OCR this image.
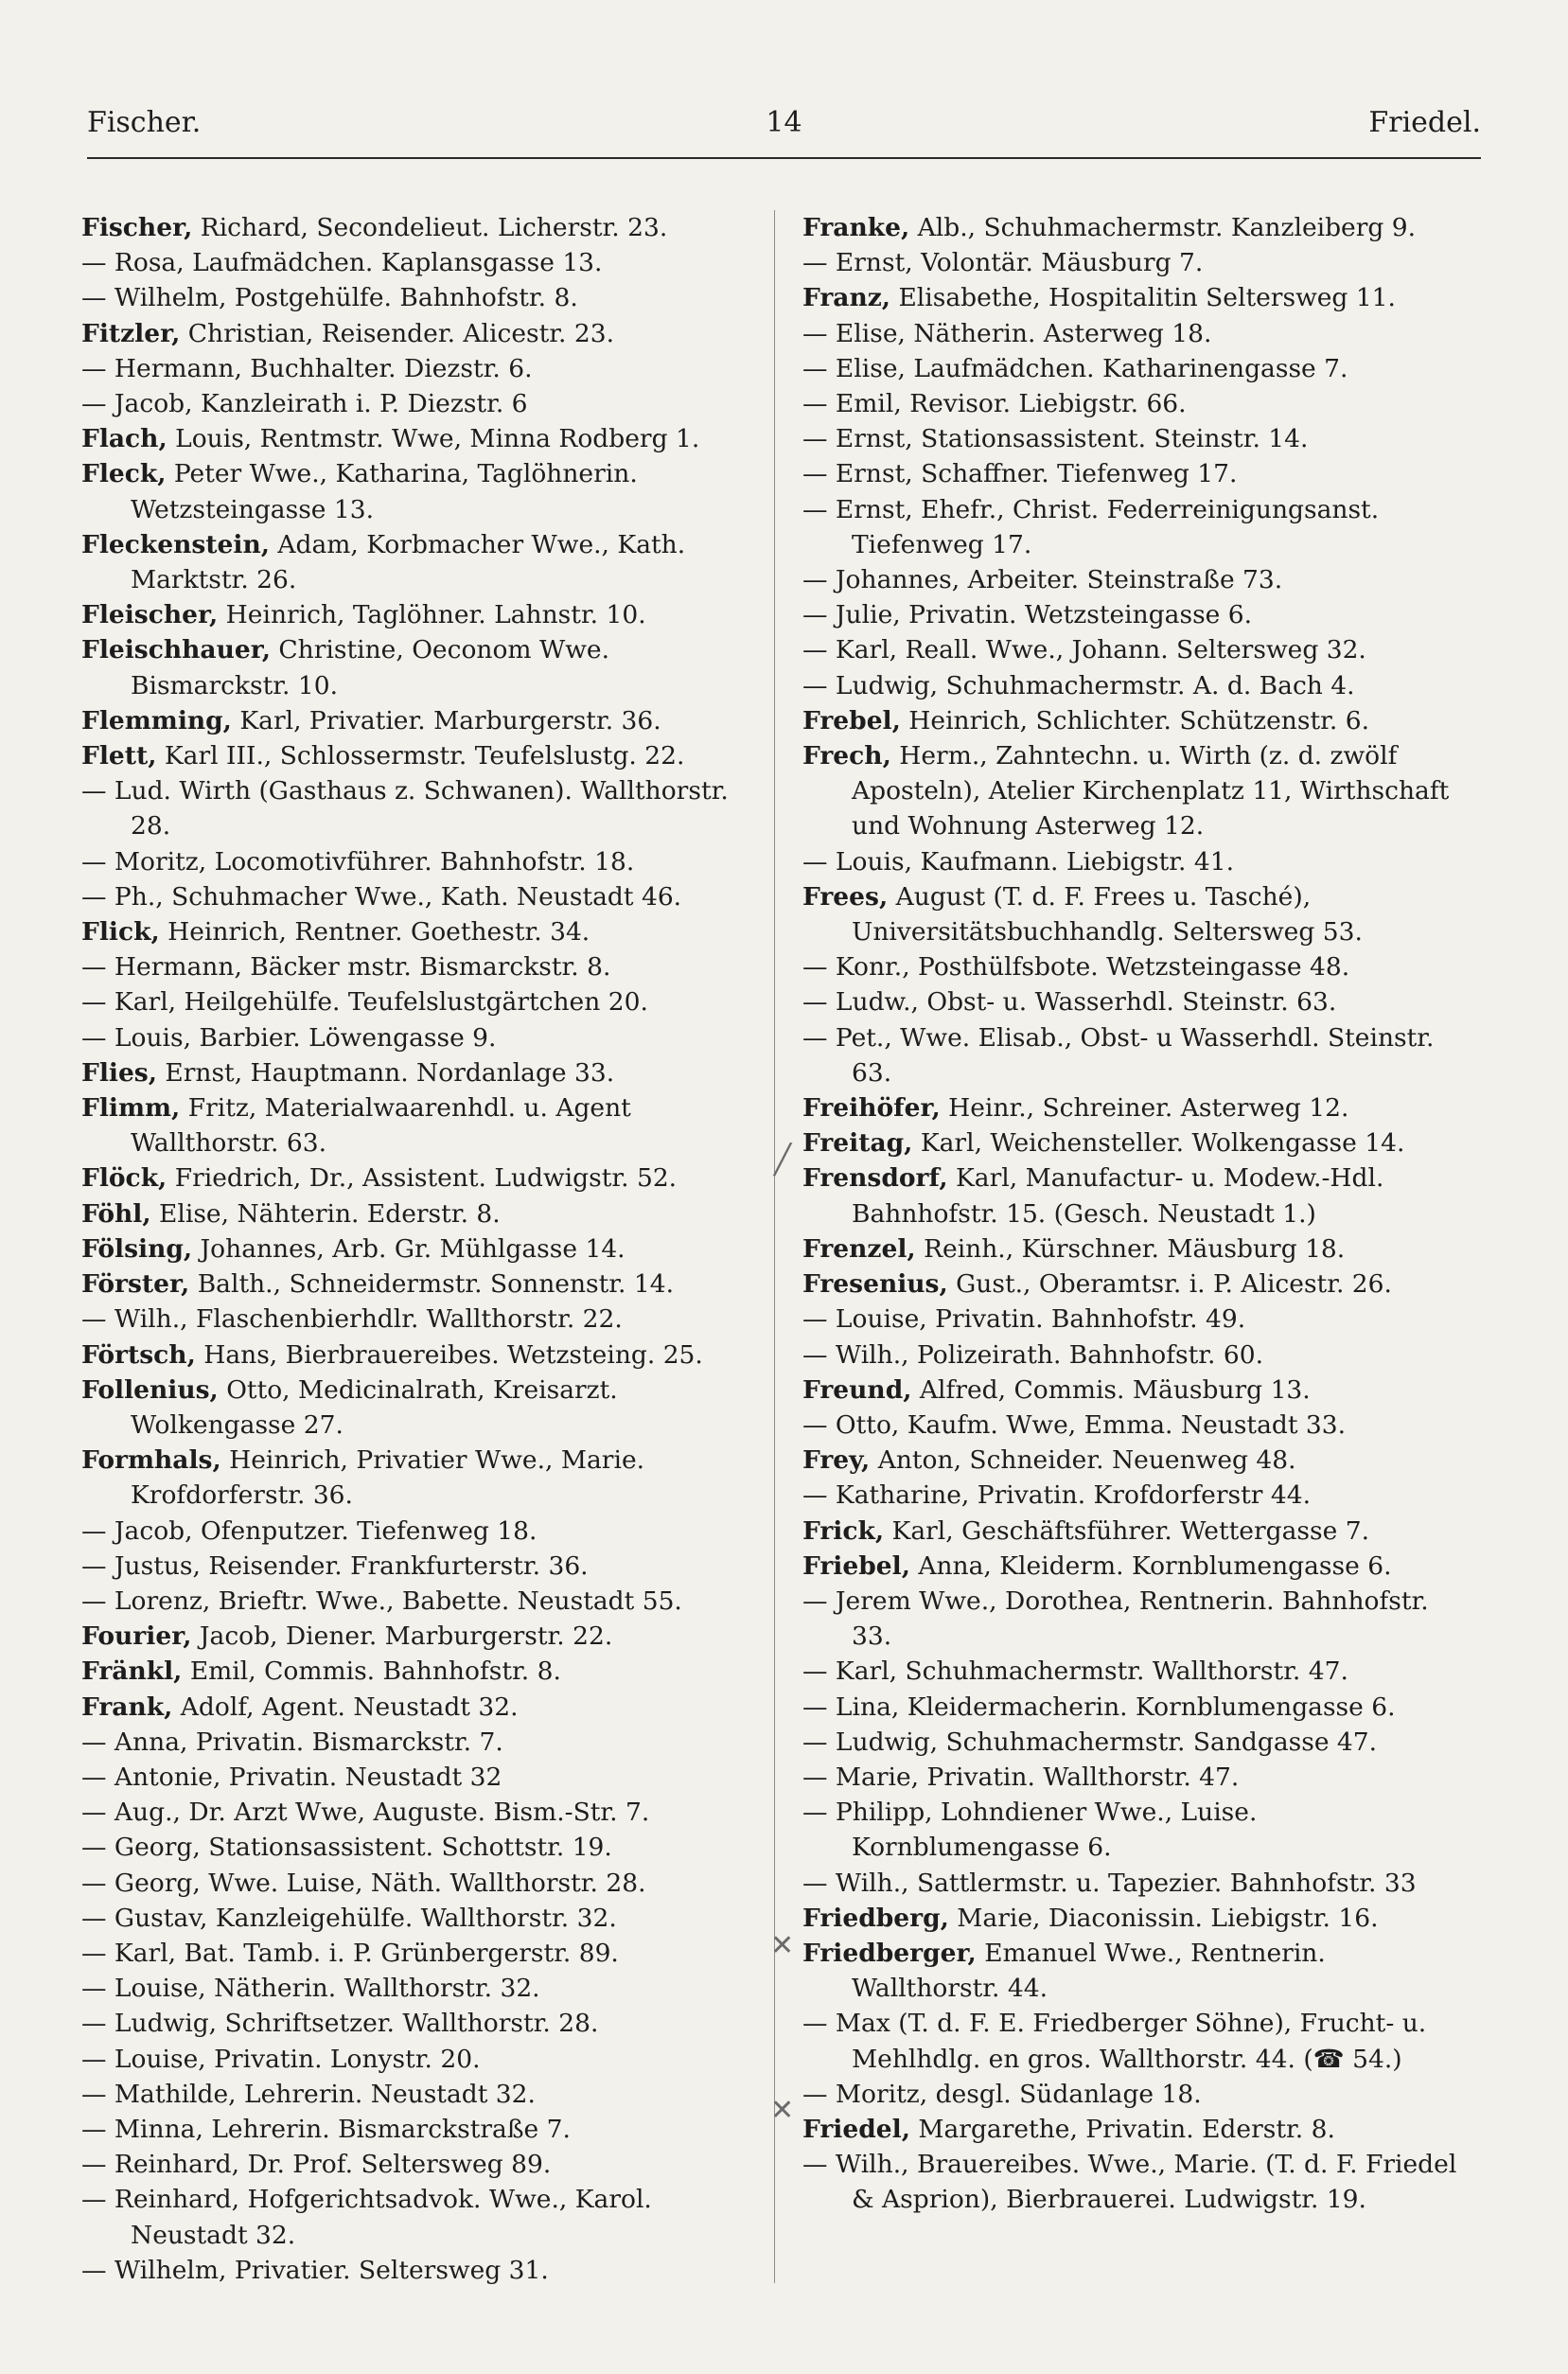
Fischer.	14	Friedel.

Fischer, Richard, Secondelieut. Licherstr. 23.

— Rosa, Laufmädchen. Kaplansgasse 13.

— Wilhelm, Postgehülfe. Bahnhofstr. 8.

Fitzler, Christian, Reisender. Alicestr. 23.

— Hermann, Buchhalter. Diezstr. 6.

— Jacob, Kanzleirath i. P. Diezstr. 6

Flach, Louis, Rentmstr. Wwe, Minna Rodberg 1.

Fleck, Peter Wwe., Katharina, Taglöhnerin. Wetzsteingasse 13.

Fleckenstein, Adam, Korbmacher Wwe., Kath. Marktstr. 26.

Fleischer, Heinrich, Taglöhner. Lahnstr. 10.

Fleischhauer, Christine, Oeconom Wwe. Bismarckstr. 10.

Flemming, Karl, Privatier. Marburgerstr. 36.

Flett, Karl III., Schlossermstr. Teufelslustg. 22.

— Lud. Wirth (Gasthaus z. Schwanen). Wallthorstr. 28.

— Moritz, Locomotivführer. Bahnhofstr. 18.

— Ph., Schuhmacher Wwe., Kath. Neustadt 46.

Flick, Heinrich, Rentner. Goethestr. 34.

— Hermann, Bäcker mstr. Bismarckstr. 8.

— Karl, Heilgehülfe. Teufelslustgärtchen 20.

— Louis, Barbier. Löwengasse 9.

Flies, Ernst, Hauptmann. Nordanlage 33.

Flimm, Fritz, Materialwaarenhdl. u. Agent Wallthorstr. 63.

Flöck, Friedrich, Dr., Assistent. Ludwigstr. 52.

Föhl, Elise, Nähterin. Ederstr. 8.

Fölsing, Johannes, Arb. Gr. Mühlgasse 14.

Förster, Balth., Schneidermstr. Sonnenstr. 14.

— Wilh., Flaschenbierhdlr. Wallthorstr. 22.

Förtsch, Hans, Bierbrauereibes. Wetzsteing. 25.

Follenius, Otto, Medicinalrath, Kreisarzt. Wolkengasse 27.

Formhals, Heinrich, Privatier Wwe., Marie. Krofdorferstr. 36.

— Jacob, Ofenputzer. Tiefenweg 18.

— Justus, Reisender. Frankfurterstr. 36.

— Lorenz, Brieftr. Wwe., Babette. Neustadt 55.

Fourier, Jacob, Diener. Marburgerstr. 22.

Fränkl, Emil, Commis. Bahnhofstr. 8.

Frank, Adolf, Agent. Neustadt 32.

— Anna, Privatin. Bismarckstr. 7.

— Antonie, Privatin. Neustadt 32

— Aug., Dr. Arzt Wwe, Auguste. Bism.-Str. 7.

— Georg, Stationsassistent. Schottstr. 19.

— Georg, Wwe. Luise, Näth. Wallthorstr. 28.

— Gustav, Kanzleigehülfe. Wallthorstr. 32.

— Karl, Bat. Tamb. i. P. Grünbergerstr. 89.

— Louise, Nätherin. Wallthorstr. 32.

— Ludwig, Schriftsetzer. Wallthorstr. 28.

— Louise, Privatin. Lonystr. 20.

— Mathilde, Lehrerin. Neustadt 32.

— Minna, Lehrerin. Bismarckstraße 7.

— Reinhard, Dr. Prof. Seltersweg 89.

— Reinhard, Hofgerichtsadvok. Wwe., Karol. Neustadt 32.

— Wilhelm, Privatier. Seltersweg 31.

Franke, Alb., Schuhmachermstr. Kanzleiberg 9.

— Ernst, Volontär. Mäusburg 7.

Franz, Elisabethe, Hospitalitin Seltersweg 11.

— Elise, Nätherin. Asterweg 18.

— Elise, Laufmädchen. Katharinengasse 7.

— Emil, Revisor. Liebigstr. 66.

— Ernst, Stationsassistent. Steinstr. 14.

— Ernst, Schaffner. Tiefenweg 17.

— Ernst, Ehefr., Christ. Federreinigungsanst. Tiefenweg 17.

— Johannes, Arbeiter. Steinstraße 73.

— Julie, Privatin. Wetzsteingasse 6.

— Karl, Reall. Wwe., Johann. Seltersweg 32.

— Ludwig, Schuhmachermstr. A. d. Bach 4.

Frebel, Heinrich, Schlichter. Schützenstr. 6.

Frech, Herm., Zahntechn. u. Wirth (z. d. zwölf Aposteln), Atelier Kirchenplatz 11, Wirthschaft und Wohnung Asterweg 12.

— Louis, Kaufmann. Liebigstr. 41.

Frees, August (T. d. F. Frees u. Tasché), Universitätsbuchhandlg. Seltersweg 53.

— Konr., Posthülfsbote. Wetzsteingasse 48.

— Ludw., Obst- u. Wasserhdl. Steinstr. 63.

— Pet., Wwe. Elisab., Obst- u Wasserhdl. Steinstr. 63.

Freihöfer, Heinr., Schreiner. Asterweg 12.

Freitag, Karl, Weichensteller. Wolkengasse 14.

Frensdorf, Karl, Manufactur- u. Modew.-Hdl. Bahnhofstr. 15. (Gesch. Neustadt 1.)

Frenzel, Reinh., Kürschner. Mäusburg 18.

Fresenius, Gust., Oberamtsr. i. P. Alicestr. 26.

— Louise, Privatin. Bahnhofstr. 49.

— Wilh., Polizeirath. Bahnhofstr. 60.

Freund, Alfred, Commis. Mäusburg 13.

— Otto, Kaufm. Wwe, Emma. Neustadt 33.

Frey, Anton, Schneider. Neuenweg 48.

— Katharine, Privatin. Krofdorferstr 44.

Frick, Karl, Geschäftsführer. Wettergasse 7.

Friebel, Anna, Kleiderm. Kornblumengasse 6.

— Jerem Wwe., Dorothea, Rentnerin. Bahnhofstr. 33.

— Karl, Schuhmachermstr. Wallthorstr. 47.

— Lina, Kleidermacherin. Kornblumengasse 6.

— Ludwig, Schuhmachermstr. Sandgasse 47.

— Marie, Privatin. Wallthorstr. 47.

— Philipp, Lohndiener Wwe., Luise. Kornblumengasse 6.

— Wilh., Sattlermstr. u. Tapezier. Bahnhofstr. 33

Friedberg, Marie, Diaconissin. Liebigstr. 16.

Friedberger, Emanuel Wwe., Rentnerin. Wallthorstr. 44.

— Max (T. d. F. E. Friedberger Söhne), Frucht- u. Mehlhdlg. en gros. Wallthorstr. 44. (☎ 54.)

— Moritz, desgl. Südanlage 18.

Friedel, Margarethe, Privatin. Ederstr. 8.

— Wilh., Brauereibes. Wwe., Marie. (T. d. F. Friedel & Asprion), Bierbrauerei. Ludwigstr. 19.

╱
✕
✕
